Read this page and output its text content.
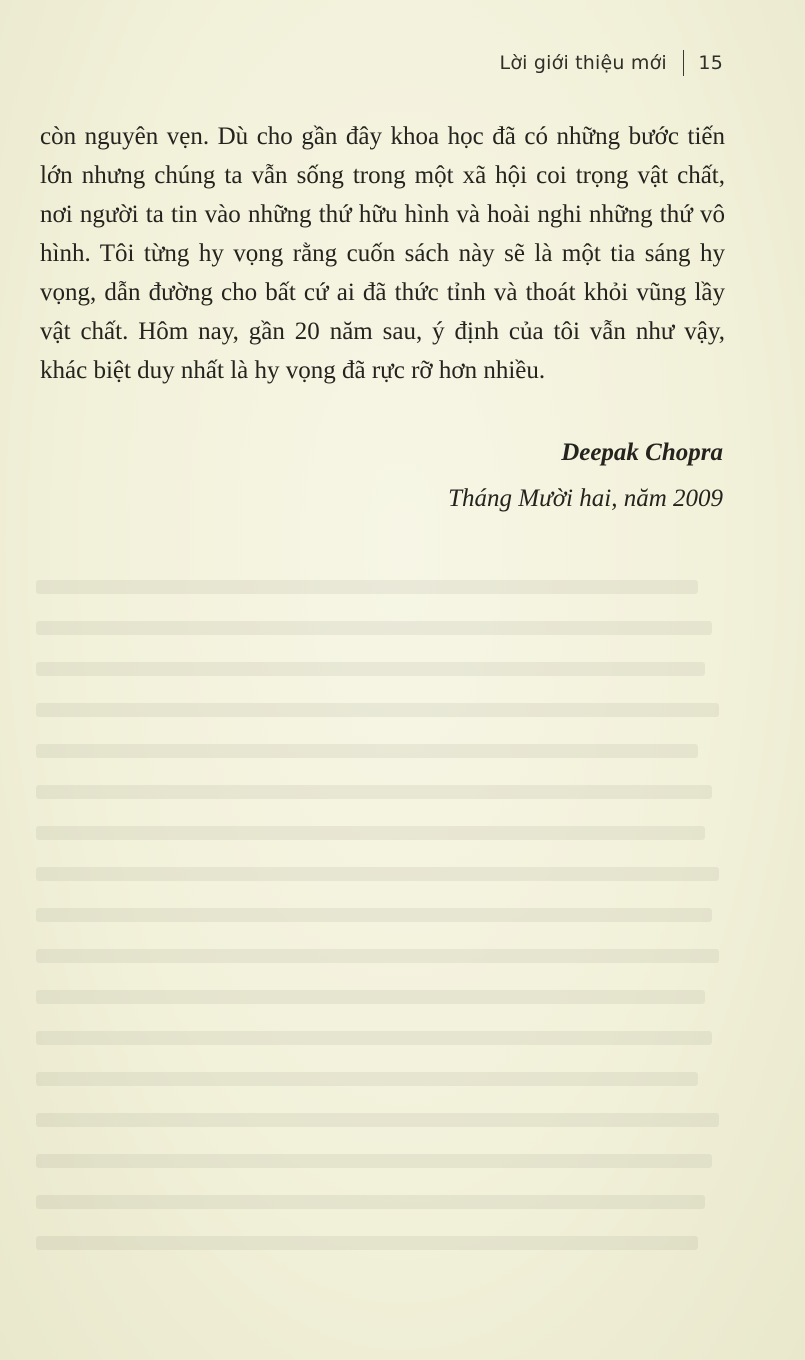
Lời giới thiệu mới 15

còn nguyên vẹn. Dù cho gần đây khoa học đã có những bước tiến lớn nhưng chúng ta vẫn sống trong một xã hội coi trọng vật chất, nơi người ta tin vào những thứ hữu hình và hoài nghi những thứ vô hình. Tôi từng hy vọng rằng cuốn sách này sẽ là một tia sáng hy vọng, dẫn đường cho bất cứ ai đã thức tỉnh và thoát khỏi vũng lầy vật chất. Hôm nay, gần 20 năm sau, ý định của tôi vẫn như vậy, khác biệt duy nhất là hy vọng đã rực rỡ hơn nhiều.

Deepak Chopra
Tháng Mười hai, năm 2009
